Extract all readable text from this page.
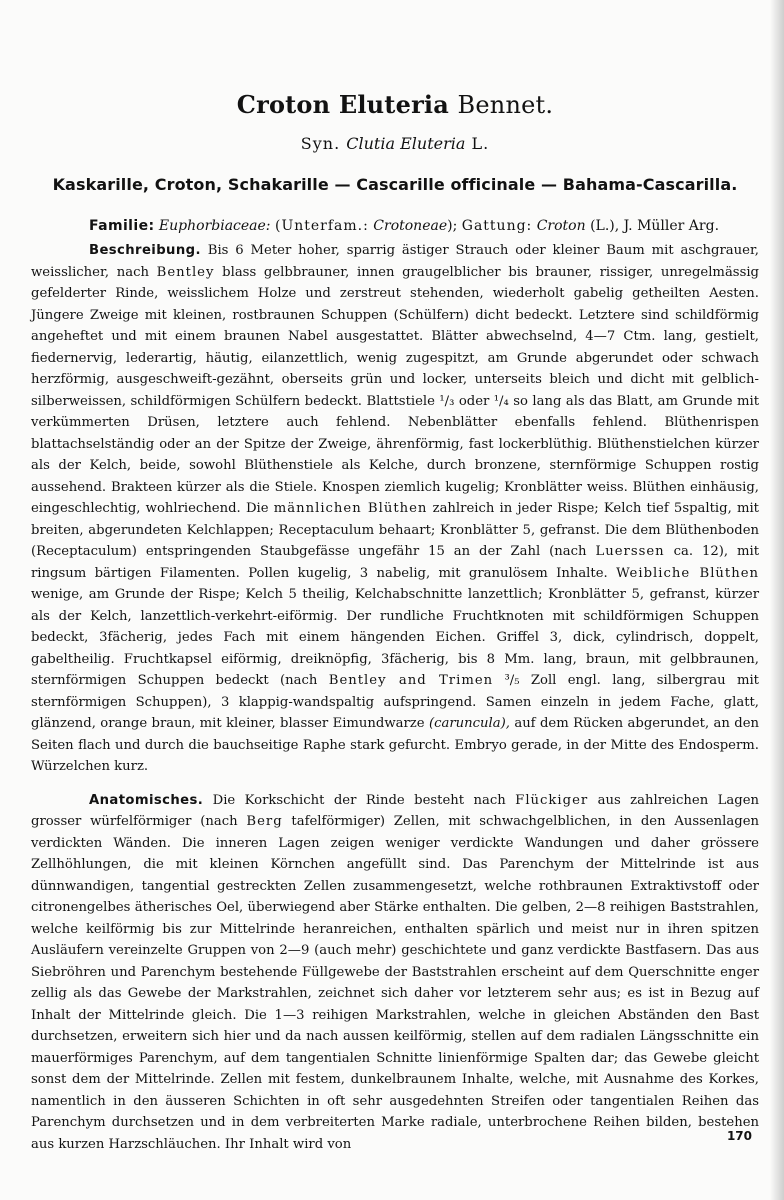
Croton Eluteria Bennet.
Syn. Clutia Eluteria L.
Kaskarille, Croton, Schakarille — Cascarille officinale — Bahama-Cascarilla.
Familie: Euphorbiaceae: (Unterfam.: Crotoneae); Gattung: Croton (L.), J. Müller Arg.

Beschreibung. Bis 6 Meter hoher, sparrig ästiger Strauch oder kleiner Baum mit aschgrauer, weisslicher, nach Bentley blass gelbbrauner, innen graugelblicher bis brauner, rissiger, unregelmässig gefelderter Rinde, weisslichem Holze und zerstreut stehenden, wiederholt gabelig getheilten Aesten. Jüngere Zweige mit kleinen, rostbraunen Schuppen (Schülfern) dicht bedeckt. Letztere sind schildförmig angeheftet und mit einem braunen Nabel ausgestattet. Blätter abwechselnd, 4—7 Ctm. lang, gestielt, fiedernervig, lederartig, häutig, eilanzettlich, wenig zugespitzt, am Grunde abgerundet oder schwach herzförmig, ausgeschweift-gezähnt, oberseits grün und locker, unterseits bleich und dicht mit gelblich-silberweissen, schildförmigen Schülfern bedeckt. Blattstiele ¹/₃ oder ¹/₄ so lang als das Blatt, am Grunde mit verkümmerten Drüsen, letztere auch fehlend. Nebenblätter ebenfalls fehlend. Blüthenrispen blattachselständig oder an der Spitze der Zweige, ährenförmig, fast lockerblüthig. Blüthenstielchen kürzer als der Kelch, beide, sowohl Blüthenstiele als Kelche, durch bronzene, sternförmige Schuppen rostig aussehend. Brakteen kürzer als die Stiele. Knospen ziemlich kugelig; Kronblätter weiss. Blüthen einhäusig, eingeschlechtig, wohlriechend. Die männlichen Blüthen zahlreich in jeder Rispe; Kelch tief 5spaltig, mit breiten, abgerundeten Kelchlappen; Receptaculum behaart; Kronblätter 5, gefranst. Die dem Blüthenboden (Receptaculum) entspringenden Staubgefässe ungefähr 15 an der Zahl (nach Luerssen ca. 12), mit ringsum bärtigen Filamenten. Pollen kugelig, 3 nabelig, mit granulösem Inhalte. Weibliche Blüthen wenige, am Grunde der Rispe; Kelch 5 theilig, Kelchabschnitte lanzettlich; Kronblätter 5, gefranst, kürzer als der Kelch, lanzettlich-verkehrt-eiförmig. Der rundliche Fruchtknoten mit schildförmigen Schuppen bedeckt, 3fächerig, jedes Fach mit einem hängenden Eichen. Griffel 3, dick, cylindrisch, doppelt, gabeltheilig. Fruchtkapsel eiförmig, dreiknöpfig, 3fächerig, bis 8 Mm. lang, braun, mit gelbbraunen, sternförmigen Schuppen bedeckt (nach Bentley and Trimen ³/₅ Zoll engl. lang, silbergrau mit sternförmigen Schuppen), 3 klappig-wandspaltig aufspringend. Samen einzeln in jedem Fache, glatt, glänzend, orange braun, mit kleiner, blasser Eimundwarze (caruncula), auf dem Rücken abgerundet, an den Seiten flach und durch die bauchseitige Raphe stark gefurcht. Embryo gerade, in der Mitte des Endosperm. Würzelchen kurz.

Anatomisches. Die Korkschicht der Rinde besteht nach Flückiger aus zahlreichen Lagen grosser würfelförmiger (nach Berg tafelförmiger) Zellen, mit schwachgelblichen, in den Aussenlagen verdickten Wänden. Die inneren Lagen zeigen weniger verdickte Wandungen und daher grössere Zellhöhlungen, die mit kleinen Körnchen angefüllt sind. Das Parenchym der Mittelrinde ist aus dünnwandigen, tangential gestreckten Zellen zusammengesetzt, welche rothbraunen Extraktivstoff oder citronengelbes ätherisches Oel, überwiegend aber Stärke enthalten. Die gelben, 2—8 reihigen Baststrahlen, welche keilförmig bis zur Mittelrinde heranreichen, enthalten spärlich und meist nur in ihren spitzen Ausläufern vereinzelte Gruppen von 2—9 (auch mehr) geschichtete und ganz verdickte Bastfasern. Das aus Siebröhren und Parenchym bestehende Füllgewebe der Baststrahlen erscheint auf dem Querschnitte enger zellig als das Gewebe der Markstrahlen, zeichnet sich daher vor letzterem sehr aus; es ist in Bezug auf Inhalt der Mittelrinde gleich. Die 1—3 reihigen Markstrahlen, welche in gleichen Abständen den Bast durchsetzen, erweitern sich hier und da nach aussen keilförmig, stellen auf dem radialen Längsschnitte ein mauerförmiges Parenchym, auf dem tangentialen Schnitte linienförmige Spalten dar; das Gewebe gleicht sonst dem der Mittelrinde. Zellen mit festem, dunkelbraunem Inhalte, welche, mit Ausnahme des Korkes, namentlich in den äusseren Schichten in oft sehr ausgedehnten Streifen oder tangentialen Reihen das Parenchym durchsetzen und in dem verbreiterten Marke radiale, unterbrochene Reihen bilden, bestehen aus kurzen Harzschläuchen. Ihr Inhalt wird von

170
